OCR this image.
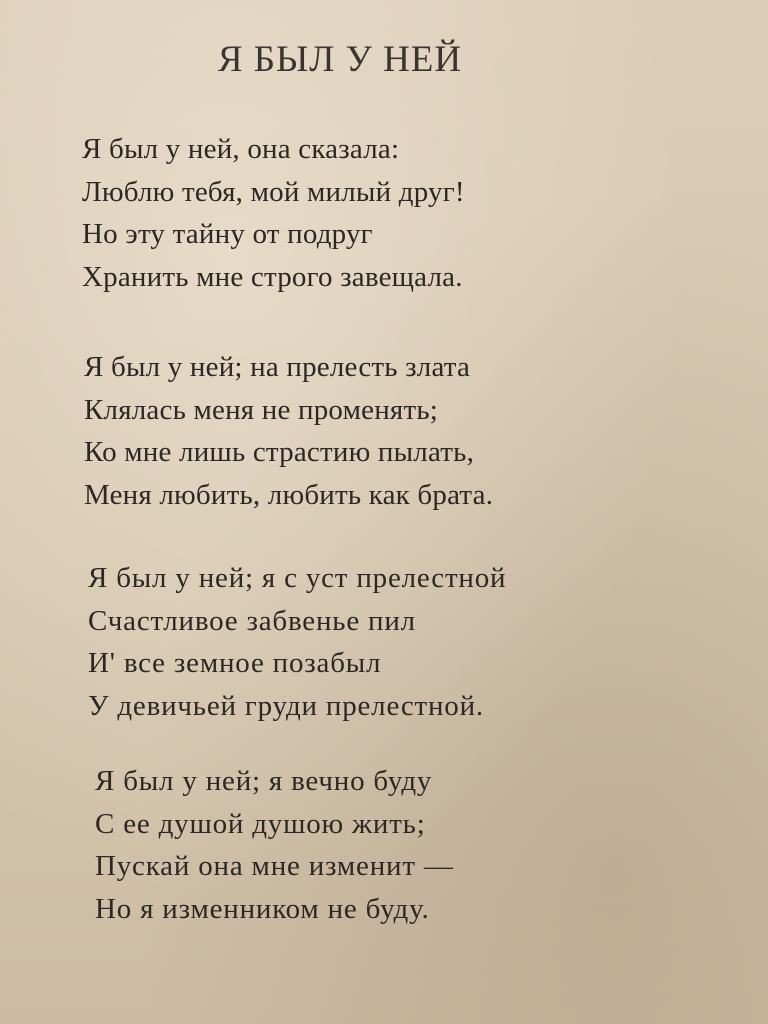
Я БЫЛ У НЕЙ
Я был у ней, она сказала:
Люблю тебя, мой милый друг!
Но эту тайну от подруг
Хранить мне строго завещала.
Я был у ней; на прелесть злата
Клялась меня не променять;
Ко мне лишь страстию пылать,
Меня любить, любить как брата.
Я был у ней; я с уст прелестной
Счастливое забвенье пил
И' все земное позабыл
У девичьей груди прелестной.
Я был у ней; я вечно буду
С ее душой душою жить;
Пускай она мне изменит —
Но я изменником не буду.
